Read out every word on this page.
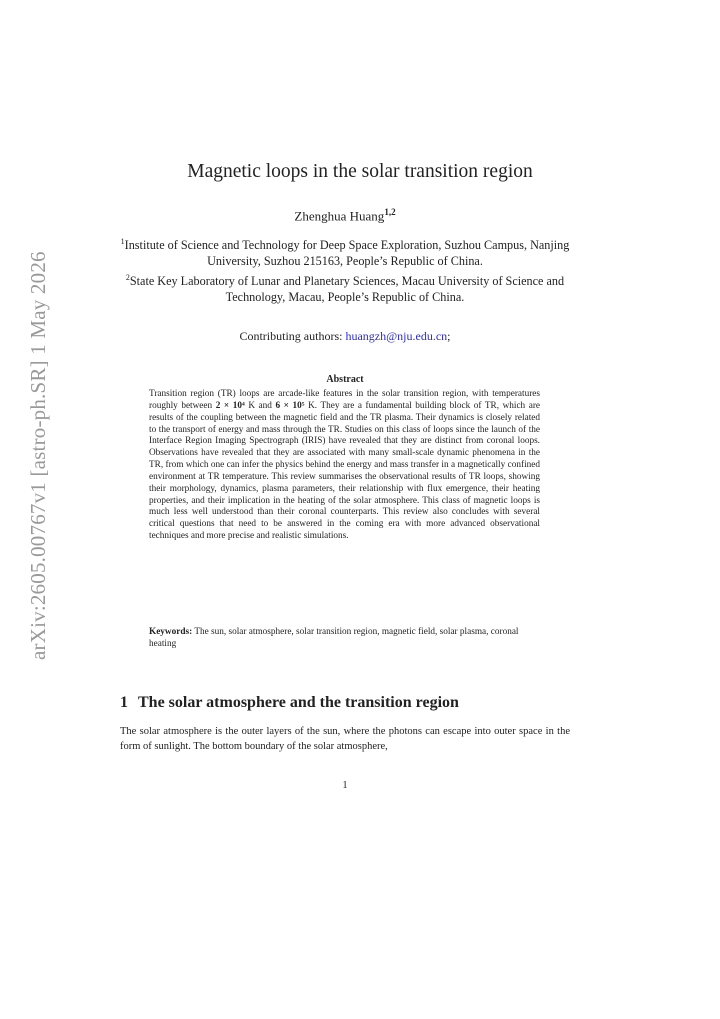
arXiv:2605.00767v1 [astro-ph.SR] 1 May 2026
Magnetic loops in the solar transition region
Zhenghua Huang$^{1,2}$
$^1$Institute of Science and Technology for Deep Space Exploration, Suzhou Campus, Nanjing University, Suzhou 215163, People’s Republic of China.
$^2$State Key Laboratory of Lunar and Planetary Sciences, Macau University of Science and Technology, Macau, People’s Republic of China.
Contributing authors: huangzh@nju.edu.cn;
Abstract
Transition region (TR) loops are arcade-like features in the solar transition region, with temperatures roughly between 2 × 10⁴ K and 6 × 10⁵ K. They are a fundamental building block of TR, which are results of the coupling between the magnetic field and the TR plasma. Their dynamics is closely related to the transport of energy and mass through the TR. Studies on this class of loops since the launch of the Interface Region Imaging Spectrograph (IRIS) have revealed that they are distinct from coronal loops. Observations have revealed that they are associated with many small-scale dynamic phenomena in the TR, from which one can infer the physics behind the energy and mass transfer in a magnetically confined environment at TR temperature. This review summarises the observational results of TR loops, showing their morphology, dynamics, plasma parameters, their relationship with flux emergence, their heating properties, and their implication in the heating of the solar atmosphere. This class of magnetic loops is much less well understood than their coronal counterparts. This review also concludes with several critical questions that need to be answered in the coming era with more advanced observational techniques and more precise and realistic simulations.
Keywords: The sun, solar atmosphere, solar transition region, magnetic field, solar plasma, coronal heating
1 The solar atmosphere and the transition region
The solar atmosphere is the outer layers of the sun, where the photons can escape into outer space in the form of sunlight. The bottom boundary of the solar atmosphere,
1
